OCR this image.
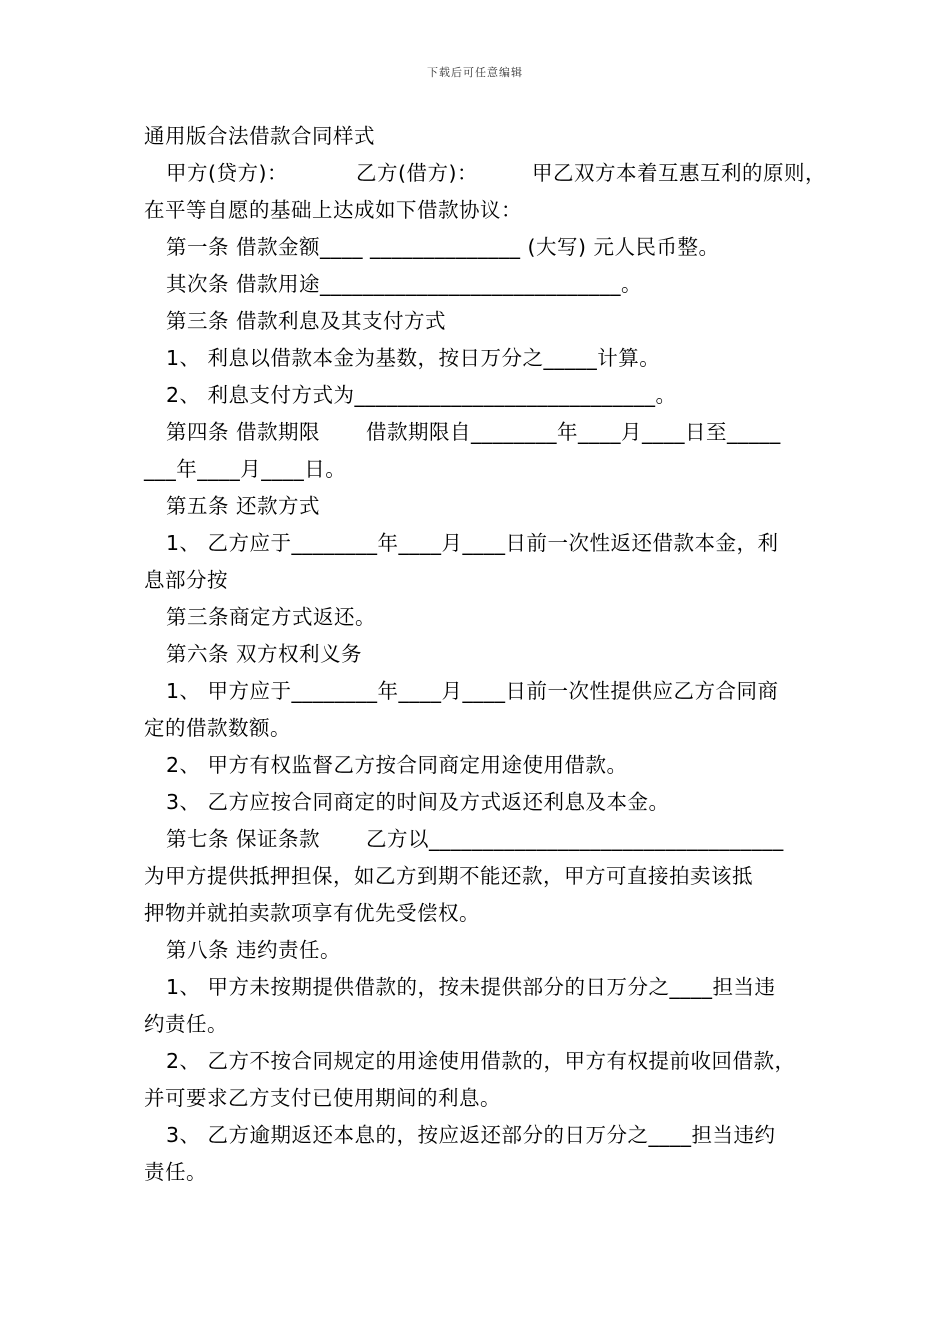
下载后可任意编辑
通用版合法借款合同样式
甲方(贷方)：	乙方(借方)：	甲乙双方本着互惠互利的原则，
在平等自愿的基础上达成如下借款协议：
第一条 借款金额____ ______________ (大写) 元人民币整。
其次条 借款用途____________________________。
第三条 借款利息及其支付方式
1、 利息以借款本金为基数，按日万分之_____计算。
2、 利息支付方式为____________________________。
第四条 借款期限 借款期限自________年____月____日至_____
___年____月____日。
第五条 还款方式
1、 乙方应于________年____月____日前一次性返还借款本金，利
息部分按
第三条商定方式返还。
第六条 双方权利义务
1、 甲方应于________年____月____日前一次性提供应乙方合同商
定的借款数额。
2、 甲方有权监督乙方按合同商定用途使用借款。
3、 乙方应按合同商定的时间及方式返还利息及本金。
第七条 保证条款 乙方以_________________________________
为甲方提供抵押担保，如乙方到期不能还款，甲方可直接拍卖该抵
押物并就拍卖款项享有优先受偿权。
第八条 违约责任。
1、 甲方未按期提供借款的，按未提供部分的日万分之____担当违
约责任。
2、 乙方不按合同规定的用途使用借款的，甲方有权提前收回借款，
并可要求乙方支付已使用期间的利息。
3、 乙方逾期返还本息的，按应返还部分的日万分之____担当违约
责任。
